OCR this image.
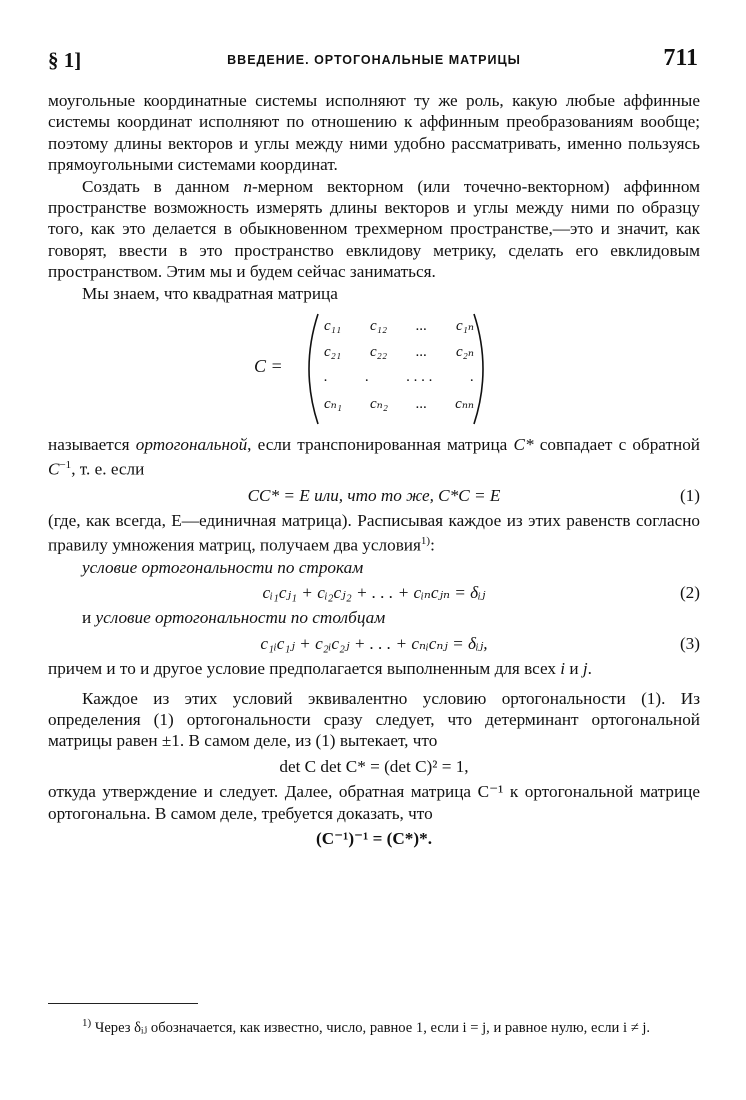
§ 1]	ВВЕДЕНИЕ. ОРТОГОНАЛЬНЫЕ МАТРИЦЫ	711

моугольные координатные системы исполняют ту же роль, какую любые аффинные системы координат исполняют по отношению к аффинным преобразованиям вообще; поэтому длины векторов и углы между ними удобно рассматривать, именно пользуясь прямоугольными системами координат.

Создать в данном n-мерном векторном (или точечно-векторном) аффинном пространстве возможность измерять длины векторов и углы между ними по образцу того, как это делается в обыкновенном трехмерном пространстве,—это и значит, как говорят, ввести в это пространство евклидову метрику, сделать его евклидовым пространством. Этим мы и будем сейчас заниматься.

Мы знаем, что квадратная матрица

C =
c₁₁ c₁₂ ... c₁ₙ
c₂₁ c₂₂ ... c₂ₙ
.	.	. . . .	.
cₙ₁ cₙ₂ ... cₙₙ

называется ортогональной, если транспонированная матрица C* совпадает с обратной $C^{-1}$, т. е. если

CC* = E или, что то же, C*C = E	(1)

(где, как всегда, E—единичная матрица). Расписывая каждое из этих равенств согласно правилу умножения матриц, получаем два условия$^{1)}$:

условие ортогональности по строкам

cᵢ₁cⱼ₁ + cᵢ₂cⱼ₂ + . . . + cᵢₙcⱼₙ = δᵢⱼ	(2)

и условие ортогональности по столбцам

c₁ᵢc₁ⱼ + c₂ᵢc₂ⱼ + . . . + cₙᵢcₙⱼ = δᵢⱼ,	(3)

причем и то и другое условие предполагается выполненным для всех i и j.

Каждое из этих условий эквивалентно условию ортогональности (1). Из определения (1) ортогональности сразу следует, что детерминант ортогональной матрицы равен ±1. В самом деле, из (1) вытекает, что

det C det C* = (det C)² = 1,

откуда утверждение и следует. Далее, обратная матрица C⁻¹ к ортогональной матрице ортогональна. В самом деле, требуется доказать, что

(C⁻¹)⁻¹ = (C*)*.
$^{1)}$ Через δᵢⱼ обозначается, как известно, число, равное 1, если i = j, и равное нулю, если i ≠ j.
